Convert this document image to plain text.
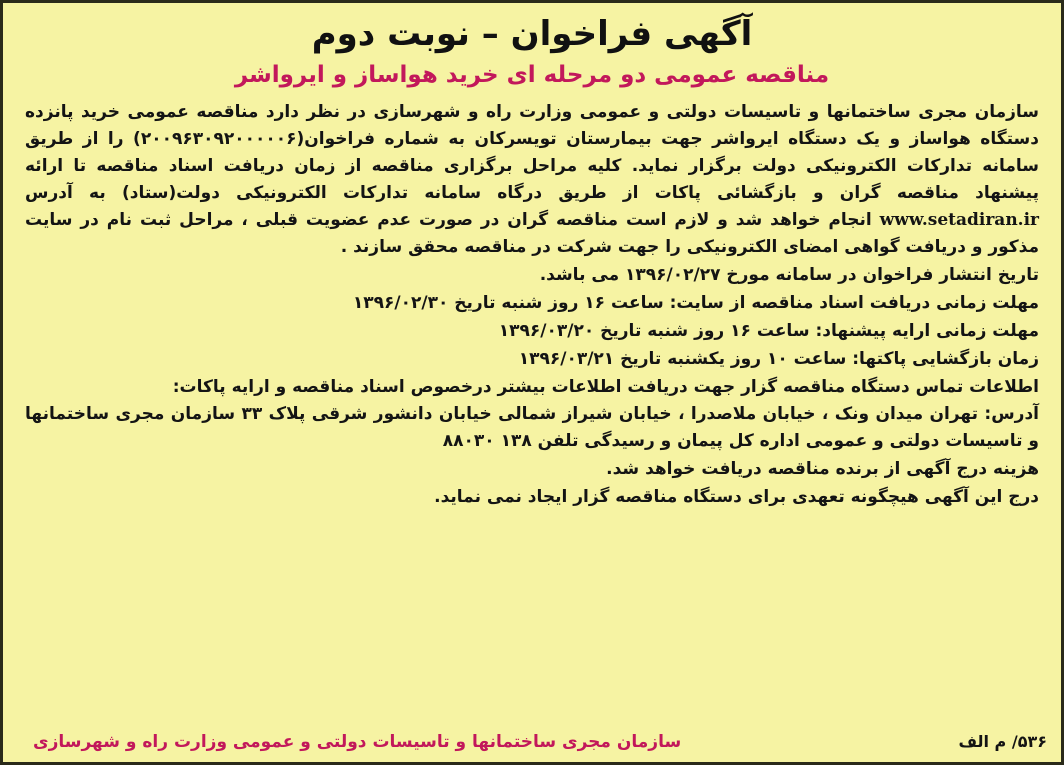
آگهی فراخوان – نوبت دوم
مناقصه عمومی دو مرحله ای خرید هواساز و ایرواشر

سازمان مجری ساختمانها و تاسیسات دولتی و عمومی وزارت راه و شهرسازی در نظر دارد مناقصه عمومی خرید پانزده دستگاه هواساز و یک دستگاه ایرواشر جهت بیمارستان تویسرکان به شماره فراخوان(۲۰۰۹۶۳۰۹۲۰۰۰۰۰۶) را از طریق سامانه تدارکات الکترونیکی دولت برگزار نماید. کلیه مراحل برگزاری مناقصه از زمان دریافت اسناد مناقصه تا ارائه پیشنهاد مناقصه گران و بازگشائی پاکات از طریق درگاه سامانه تدارکات الکترونیکی دولت(ستاد) به آدرس www.setadiran.ir انجام خواهد شد و لازم است مناقصه گران در صورت عدم عضویت قبلی ، مراحل ثبت نام در سایت مذکور و دریافت گواهی امضای الکترونیکی را جهت شرکت در مناقصه محقق سازند .

تاریخ انتشار فراخوان در سامانه مورخ ۱۳۹۶/۰۲/۲۷ می باشد.

مهلت زمانی دریافت اسناد مناقصه از سایت: ساعت ۱۶ روز شنبه تاریخ ۱۳۹۶/۰۲/۳۰

مهلت زمانی ارایه پیشنهاد: ساعت ۱۶ روز شنبه تاریخ ۱۳۹۶/۰۳/۲۰

زمان بازگشایی پاکتها: ساعت ۱۰ روز یکشنبه تاریخ ۱۳۹۶/۰۳/۲۱

اطلاعات تماس دستگاه مناقصه گزار جهت دریافت اطلاعات بیشتر درخصوص اسناد مناقصه و ارایه پاکات:

آدرس: تهران میدان ونک ، خیابان ملاصدرا ، خیابان شیراز شمالی خیابان دانشور شرقی پلاک ۳۳ سازمان مجری ساختمانها و تاسیسات دولتی و عمومی اداره کل پیمان و رسیدگی تلفن ۱۳۸ ۸۸۰۳۰

هزینه درج آگهی از برنده مناقصه دریافت خواهد شد.

درج این آگهی هیچگونه تعهدی برای دستگاه مناقصه گزار ایجاد نمی نماید.

۵۳۶/ م الف
سازمان مجری ساختمانها و تاسیسات دولتی و عمومی وزارت راه و شهرسازی
